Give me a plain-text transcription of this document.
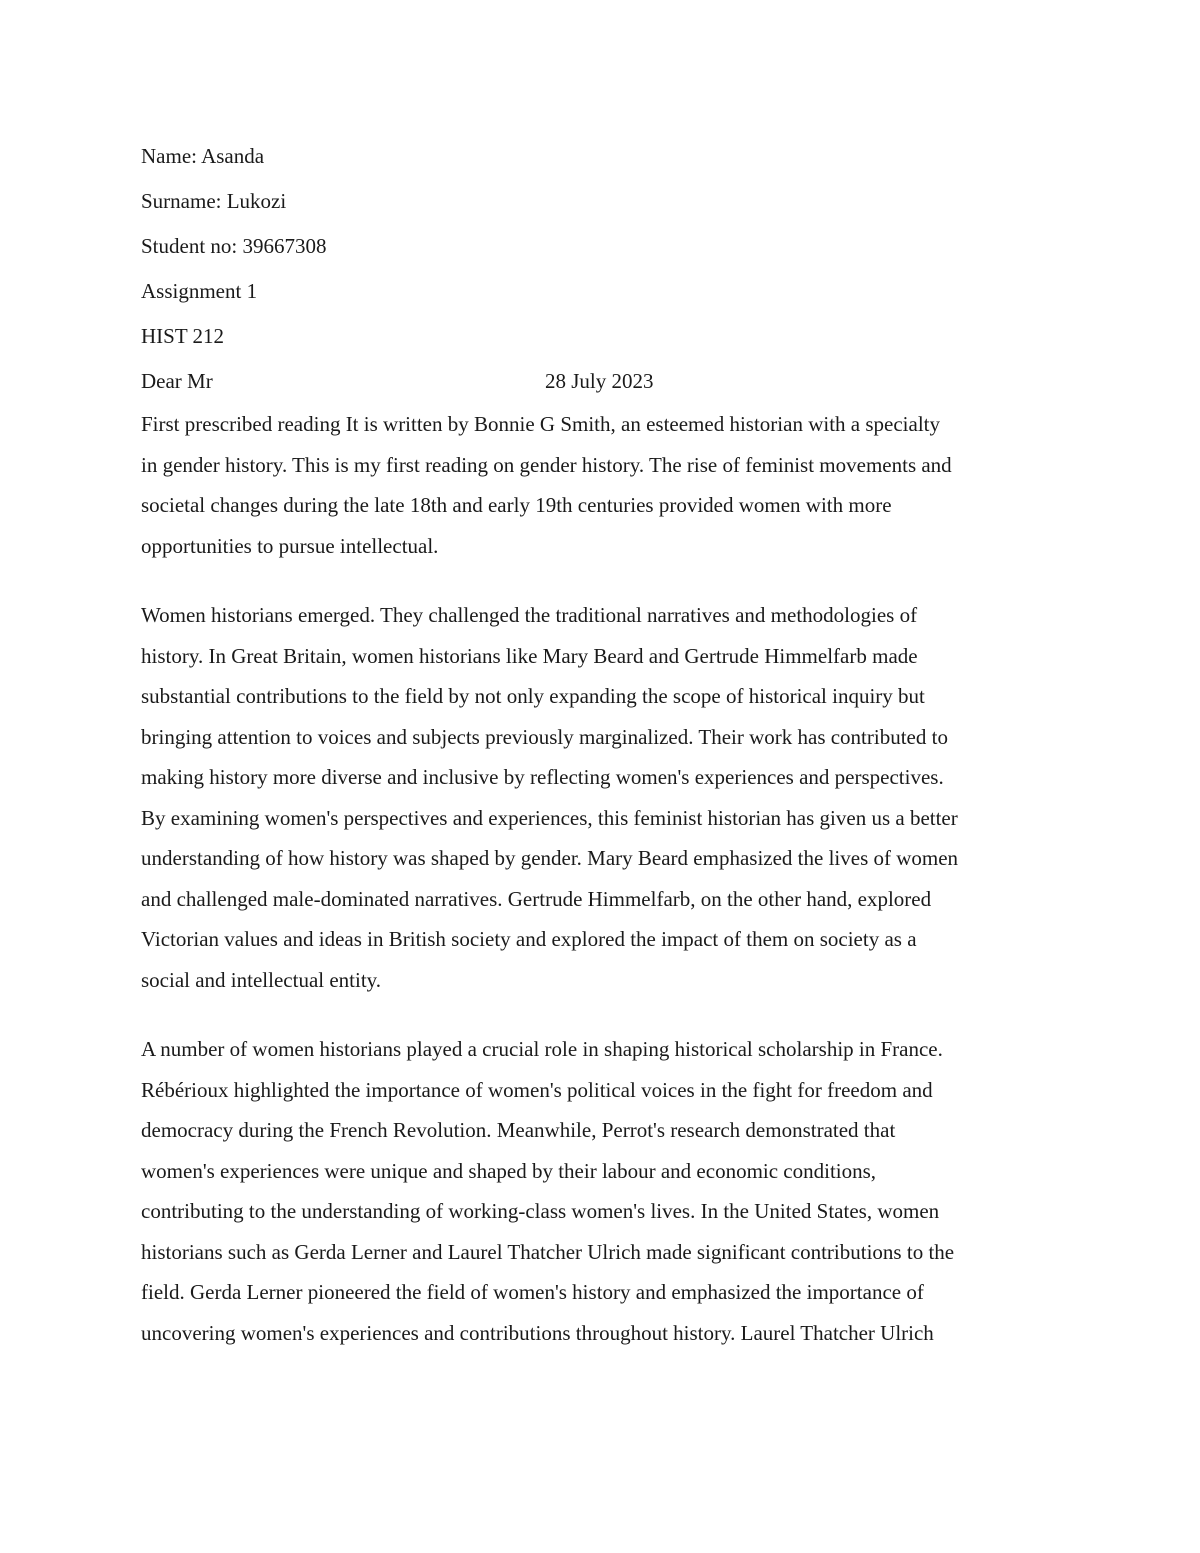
Name: Asanda
Surname: Lukozi
Student no: 39667308
Assignment 1
HIST 212
Dear Mr	28 July 2023
First prescribed reading It is written by Bonnie G Smith, an esteemed historian with a specialty
in gender history. This is my first reading on gender history. The rise of feminist movements and
societal changes during the late 18th and early 19th centuries provided women with more
opportunities to pursue intellectual.
Women historians emerged. They challenged the traditional narratives and methodologies of
history. In Great Britain, women historians like Mary Beard and Gertrude Himmelfarb made
substantial contributions to the field by not only expanding the scope of historical inquiry but
bringing attention to voices and subjects previously marginalized. Their work has contributed to
making history more diverse and inclusive by reflecting women's experiences and perspectives.
By examining women's perspectives and experiences, this feminist historian has given us a better
understanding of how history was shaped by gender. Mary Beard emphasized the lives of women
and challenged male-dominated narratives. Gertrude Himmelfarb, on the other hand, explored
Victorian values and ideas in British society and explored the impact of them on society as a
social and intellectual entity.
A number of women historians played a crucial role in shaping historical scholarship in France.
Rébérioux highlighted the importance of women's political voices in the fight for freedom and
democracy during the French Revolution. Meanwhile, Perrot's research demonstrated that
women's experiences were unique and shaped by their labour and economic conditions,
contributing to the understanding of working-class women's lives. In the United States, women
historians such as Gerda Lerner and Laurel Thatcher Ulrich made significant contributions to the
field. Gerda Lerner pioneered the field of women's history and emphasized the importance of
uncovering women's experiences and contributions throughout history. Laurel Thatcher Ulrich
